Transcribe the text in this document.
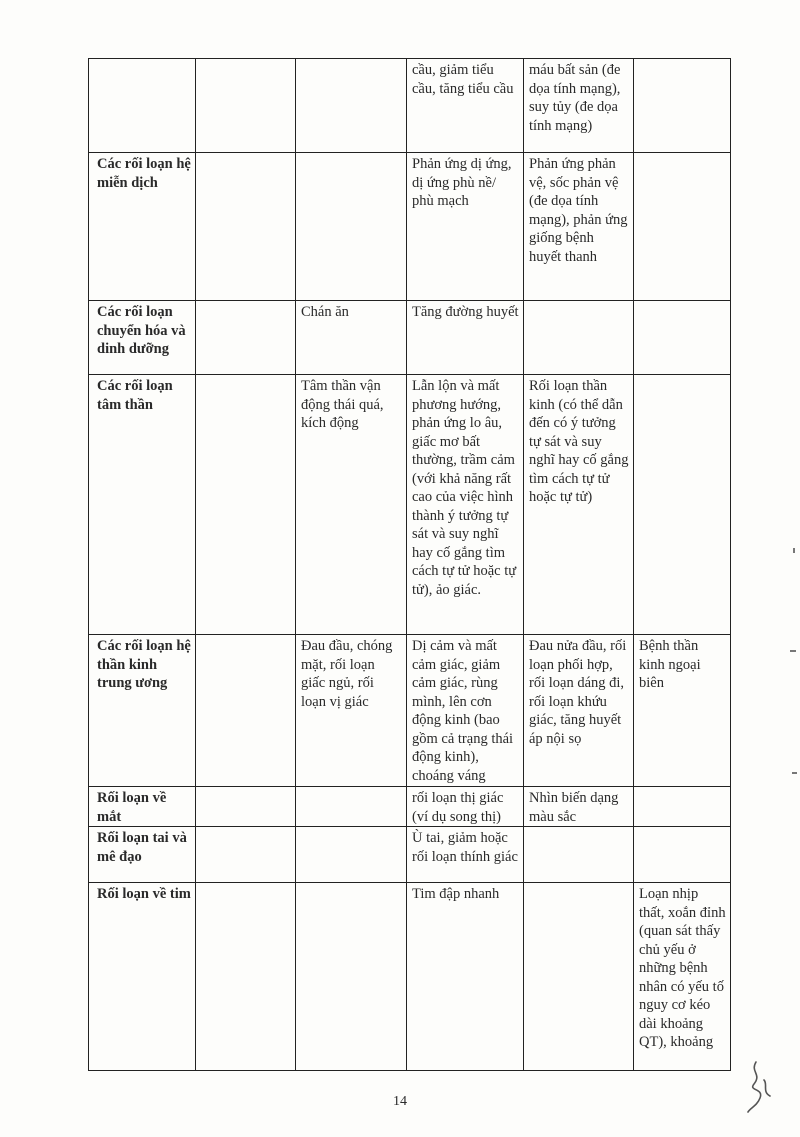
			cầu, giảm tiểu cầu, tăng tiểu cầu	máu bất sản (đe dọa tính mạng), suy tủy (đe dọa tính mạng)	
Các rối loạn hệ miễn dịch			Phản ứng dị ứng, dị ứng phù nề/ phù mạch	Phản ứng phản vệ, sốc phản vệ (đe dọa tính mạng), phản ứng giống bệnh huyết thanh	
Các rối loạn chuyển hóa và dinh dưỡng		Chán ăn	Tăng đường huyết		
Các rối loạn tâm thần		Tâm thần vận động thái quá, kích động	Lẫn lộn và mất phương hướng, phản ứng lo âu, giấc mơ bất thường, trầm cảm (với khả năng rất cao của việc hình thành ý tưởng tự sát và suy nghĩ hay cố gắng tìm cách tự tử hoặc tự tử), ảo giác.	Rối loạn thần kinh (có thể dẫn đến có ý tưởng tự sát và suy nghĩ hay cố gắng tìm cách tự tử hoặc tự tử)	
Các rối loạn hệ thần kinh trung ương		Đau đầu, chóng mặt, rối loạn giấc ngủ, rối loạn vị giác	Dị cảm và mất cảm giác, giảm cảm giác, rùng mình, lên cơn động kinh (bao gồm cả trạng thái động kinh), choáng váng	Đau nửa đầu, rối loạn phối hợp, rối loạn dáng đi, rối loạn khứu giác, tăng huyết áp nội sọ	Bệnh thần kinh ngoại biên
Rối loạn về mắt			rối loạn thị giác (ví dụ song thị)	Nhìn biến dạng màu sắc	
Rối loạn tai và mê đạo			Ù tai, giảm hoặc rối loạn thính giác		
Rối loạn về tim			Tim đập nhanh		Loạn nhịp thất, xoắn đỉnh (quan sát thấy chủ yếu ở những bệnh nhân có yếu tố nguy cơ kéo dài khoảng QT), khoảng
14
